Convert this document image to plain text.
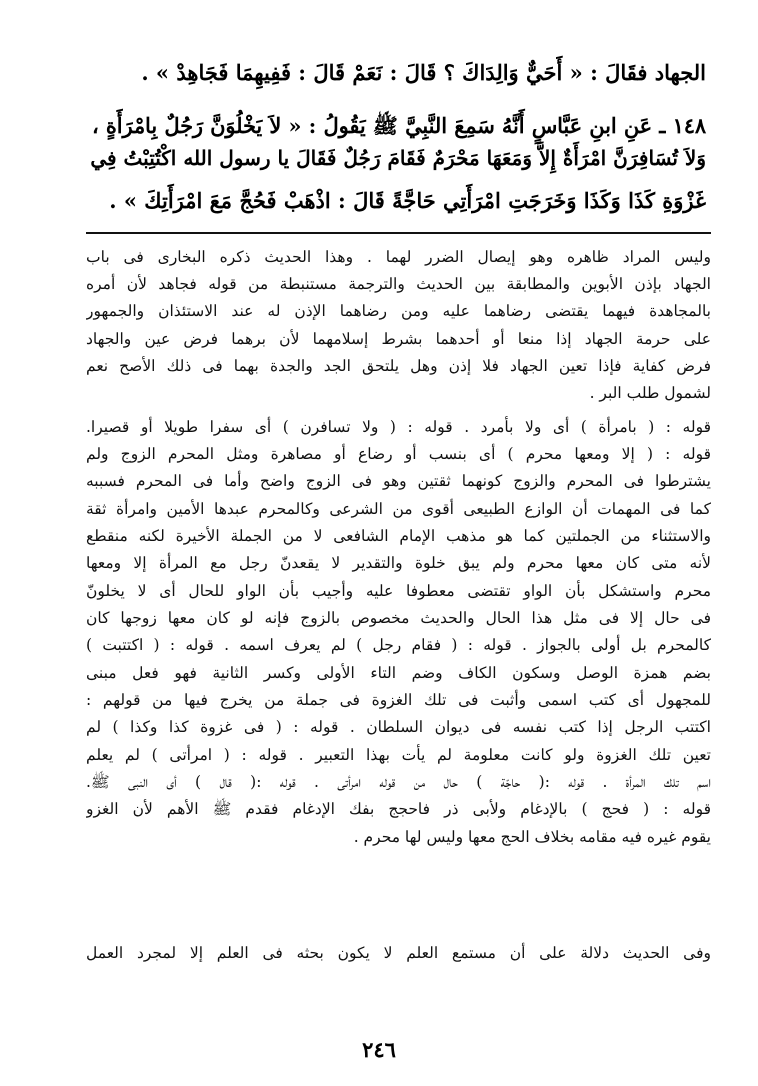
الجهاد فقَالَ : « أَحَيٌّ وَالِدَاكَ ؟ قَالَ : نَعَمْ قَالَ : فَفِيهِمَا فَجَاهِدْ » .
١٤٨ ـ عَنِ ابنِ عَبَّاسٍ أَنَّهُ سَمِعَ النَّبِيَّ ﷺ يَقُولُ : « لاَ يَخْلُوَنَّ رَجُلٌ بِامْرَأَةٍ ،
وَلاَ تُسَافِرَنَّ امْرَأَةٌ إِلاَّ وَمَعَهَا مَحْرَمٌ فَقَامَ رَجُلٌ فَقَالَ يا رسول الله اكْتُتِبْتُ فِي
غَزْوَةِ كَذَا وَكَذَا وَخَرَجَتِ امْرَأَتِي حَاجَّةً قَالَ : اذْهَبْ فَحُجَّ مَعَ امْرَأَتِكَ » .
وليس المراد ظاهره وهو إيصال الضرر لهما . وهذا الحديث ذكره البخارى فى باب
الجهاد بإذن الأبوين والمطابقة بين الحديث والترجمة مستنبطة من قوله فجاهد لأن أمره
بالمجاهدة فيهما يقتضى رضاهما عليه ومن رضاهما الإذن له عند الاستئذان والجمهور
على حرمة الجهاد إذا منعا أو أحدهما بشرط إسلامهما لأن برهما فرض عين والجهاد
فرض كفاية فإذا تعين الجهاد فلا إذن وهل يلتحق الجد والجدة بهما فى ذلك الأصح نعم
لشمول طلب البر .
قوله : ( بامرأة ) أى ولا بأمرد . قوله : ( ولا تسافرن ) أى سفرا طويلا أو قصيرا.
قوله : ( إلا ومعها محرم ) أى بنسب أو رضاع أو مصاهرة ومثل المحرم الزوج ولم
يشترطوا فى المحرم والزوج كونهما ثقتين وهو فى الزوج واضح وأما فى المحرم فسببه
كما فى المهمات أن الوازع الطبيعى أقوى من الشرعى وكالمحرم عبدها الأمين وامرأة ثقة
والاستثناء من الجملتين كما هو مذهب الإمام الشافعى لا من الجملة الأخيرة لكنه منقطع
لأنه متى كان معها محرم ولم يبق خلوة والتقدير لا يقعدنّ رجل مع المرأة إلا ومعها
محرم واستشكل بأن الواو تقتضى معطوفا عليه وأجيب بأن الواو للحال أى لا يخلونّ
فى حال إلا فى مثل هذا الحال والحديث مخصوص بالزوج فإنه لو كان معها زوجها كان
كالمحرم بل أولى بالجواز . قوله : ( فقام رجل ) لم يعرف اسمه . قوله : ( اكتتبت )
بضم همزة الوصل وسكون الكاف وضم التاء الأولى وكسر الثانية فهو فعل مبنى
للمجهول أى كتب اسمى وأثبت فى تلك الغزوة فى جملة من يخرج فيها من قولهم :
اكتتب الرجل إذا كتب نفسه فى ديوان السلطان . قوله : ( فى غزوة كذا وكذا ) لم
تعين تلك الغزوة ولو كانت معلومة لم يأت بهذا التعبير . قوله : ( امرأتى ) لم يعلم
اسم تلك المرأة . قوله :( حاجّة ) حال من قوله امرأتى . قوله :( قال ) أى النبى ﷺ.
قوله : ( فحج ) بالإدغام ولأبى ذر فاحجج بفك الإدغام فقدم ﷺ الأهم لأن الغزو
يقوم غيره فيه مقامه بخلاف الحج معها وليس لها محرم .
وفى الحديث دلالة على أن مستمع العلم لا يكون بحثه فى العلم إلا لمجرد العمل
٢٤٦
